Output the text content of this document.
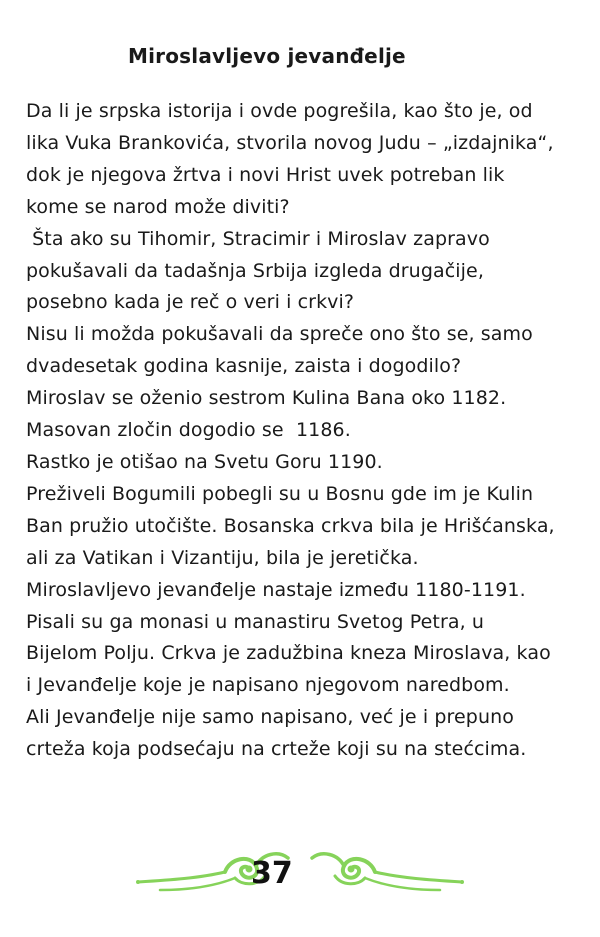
Miroslavljevo jevanđelje
Da li je srpska istorija i ovde pogrešila, kao što je, od
lika Vuka Brankovića, stvorila novog Judu – „izdajnika“,
dok je njegova žrtva i novi Hrist uvek potreban lik
kome se narod može diviti?
Šta ako su Tihomir, Stracimir i Miroslav zapravo
pokušavali da tadašnja Srbija izgleda drugačije,
posebno kada je reč o veri i crkvi?
Nisu li možda pokušavali da spreče ono što se, samo
dvadesetak godina kasnije, zaista i dogodilo?
Miroslav se oženio sestrom Kulina Bana oko 1182.
Masovan zločin dogodio se  1186.
Rastko je otišao na Svetu Goru 1190.
Preživeli Bogumili pobegli su u Bosnu gde im je Kulin
Ban pružio utočište. Bosanska crkva bila je Hrišćanska,
ali za Vatikan i Vizantiju, bila je jeretička.
Miroslavljevo jevanđelje nastaje između 1180-1191.
Pisali su ga monasi u manastiru Svetog Petra, u
Bijelom Polju. Crkva je zadužbina kneza Miroslava, kao
i Jevanđelje koje je napisano njegovom naredbom.
Ali Jevanđelje nije samo napisano, već je i prepuno
crteža koja podsećaju na crteže koji su na stećcima.
37
